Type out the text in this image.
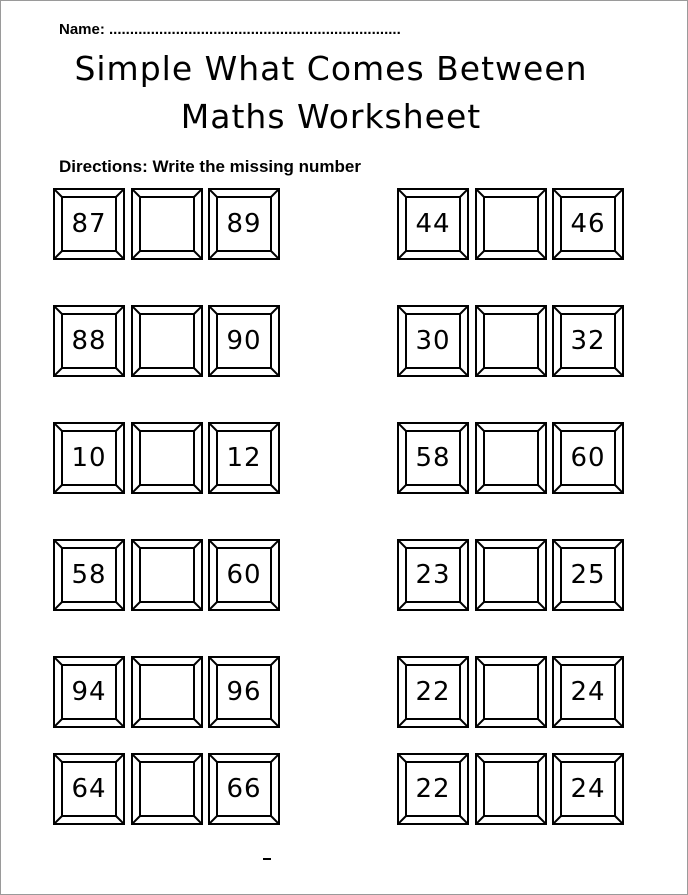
Name: ......................................................................
Simple What Comes Between
Maths Worksheet
Directions: Write the missing number
87	89
88	90
10	12
58	60
94	96
64	66
44	46
30	32
58	60
23	25
22	24
22	24
